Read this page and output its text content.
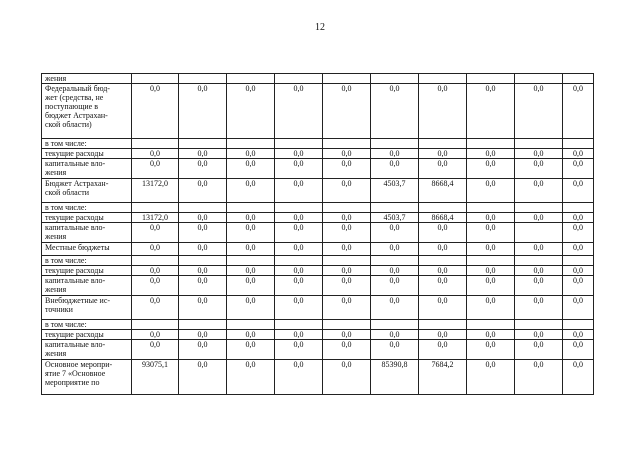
12
жения										

Федеральный бюд-
жет (средства, не
поступающие в
бюджет Астрахан-
ской области)	0,0	0,0	0,0	0,0	0,0	0,0	0,0	0,0	0,0	0,0

в том числе:										

текущие расходы	0,0	0,0	0,0	0,0	0,0	0,0	0,0	0,0	0,0	0,0

капитальные вло-
жения	0,0	0,0	0,0	0,0	0,0	0,0	0,0	0,0	0,0	0,0

Бюджет Астрахан-
ской области	13172,0	0,0	0,0	0,0	0,0	4503,7	8668,4	0,0	0,0	0,0

в том числе:										

текущие расходы	13172,0	0,0	0,0	0,0	0,0	4503,7	8668,4	0,0	0,0	0,0

капитальные вло-
жения	0,0	0,0	0,0	0,0	0,0	0,0	0,0	0,0		0,0

Местные бюджеты	0,0	0,0	0,0	0,0	0,0	0,0	0,0	0,0	0,0	0,0

в том числе:										

текущие расходы	0,0	0,0	0,0	0,0	0,0	0,0	0,0	0,0	0,0	0,0

капитальные вло-
жения	0,0	0,0	0,0	0,0	0,0	0,0	0,0	0,0	0,0	0,0

Внебюджетные ис-
точники	0,0	0,0	0,0	0,0	0,0	0,0	0,0	0,0	0,0	0,0

в том числе:										

текущие расходы	0,0	0,0	0,0	0,0	0,0	0,0	0,0	0,0	0,0	0,0

капитальные вло-
жения	0,0	0,0	0,0	0,0	0,0	0,0	0,0	0,0	0,0	0,0

Основное меропри-
ятие 7 «Основное
мероприятие по	93075,1	0,0	0,0	0,0	0,0	85390,8	7684,2	0,0	0,0	0,0
